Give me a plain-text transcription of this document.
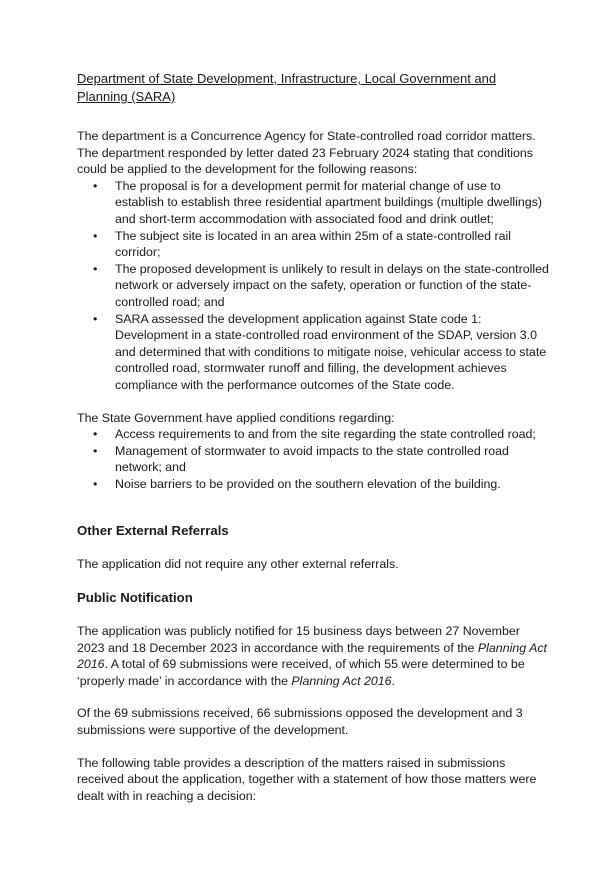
Department of State Development, Infrastructure, Local Government and Planning (SARA)

The department is a Concurrence Agency for State-controlled road corridor matters. The department responded by letter dated 23 February 2024 stating that conditions could be applied to the development for the following reasons:

• The proposal is for a development permit for material change of use to establish to establish three residential apartment buildings (multiple dwellings) and short-term accommodation with associated food and drink outlet;
• The subject site is located in an area within 25m of a state-controlled rail corridor;
• The proposed development is unlikely to result in delays on the state-controlled network or adversely impact on the safety, operation or function of the state-controlled road; and
• SARA assessed the development application against State code 1: Development in a state-controlled road environment of the SDAP, version 3.0 and determined that with conditions to mitigate noise, vehicular access to state controlled road, stormwater runoff and filling, the development achieves compliance with the performance outcomes of the State code.

The State Government have applied conditions regarding:

• Access requirements to and from the site regarding the state controlled road;
• Management of stormwater to avoid impacts to the state controlled road network; and
• Noise barriers to be provided on the southern elevation of the building.
Other External Referrals

The application did not require any other external referrals.

Public Notification

The application was publicly notified for 15 business days between 27 November 2023 and 18 December 2023 in accordance with the requirements of the Planning Act 2016. A total of 69 submissions were received, of which 55 were determined to be ‘properly made’ in accordance with the Planning Act 2016.

Of the 69 submissions received, 66 submissions opposed the development and 3 submissions were supportive of the development.

The following table provides a description of the matters raised in submissions received about the application, together with a statement of how those matters were dealt with in reaching a decision:
